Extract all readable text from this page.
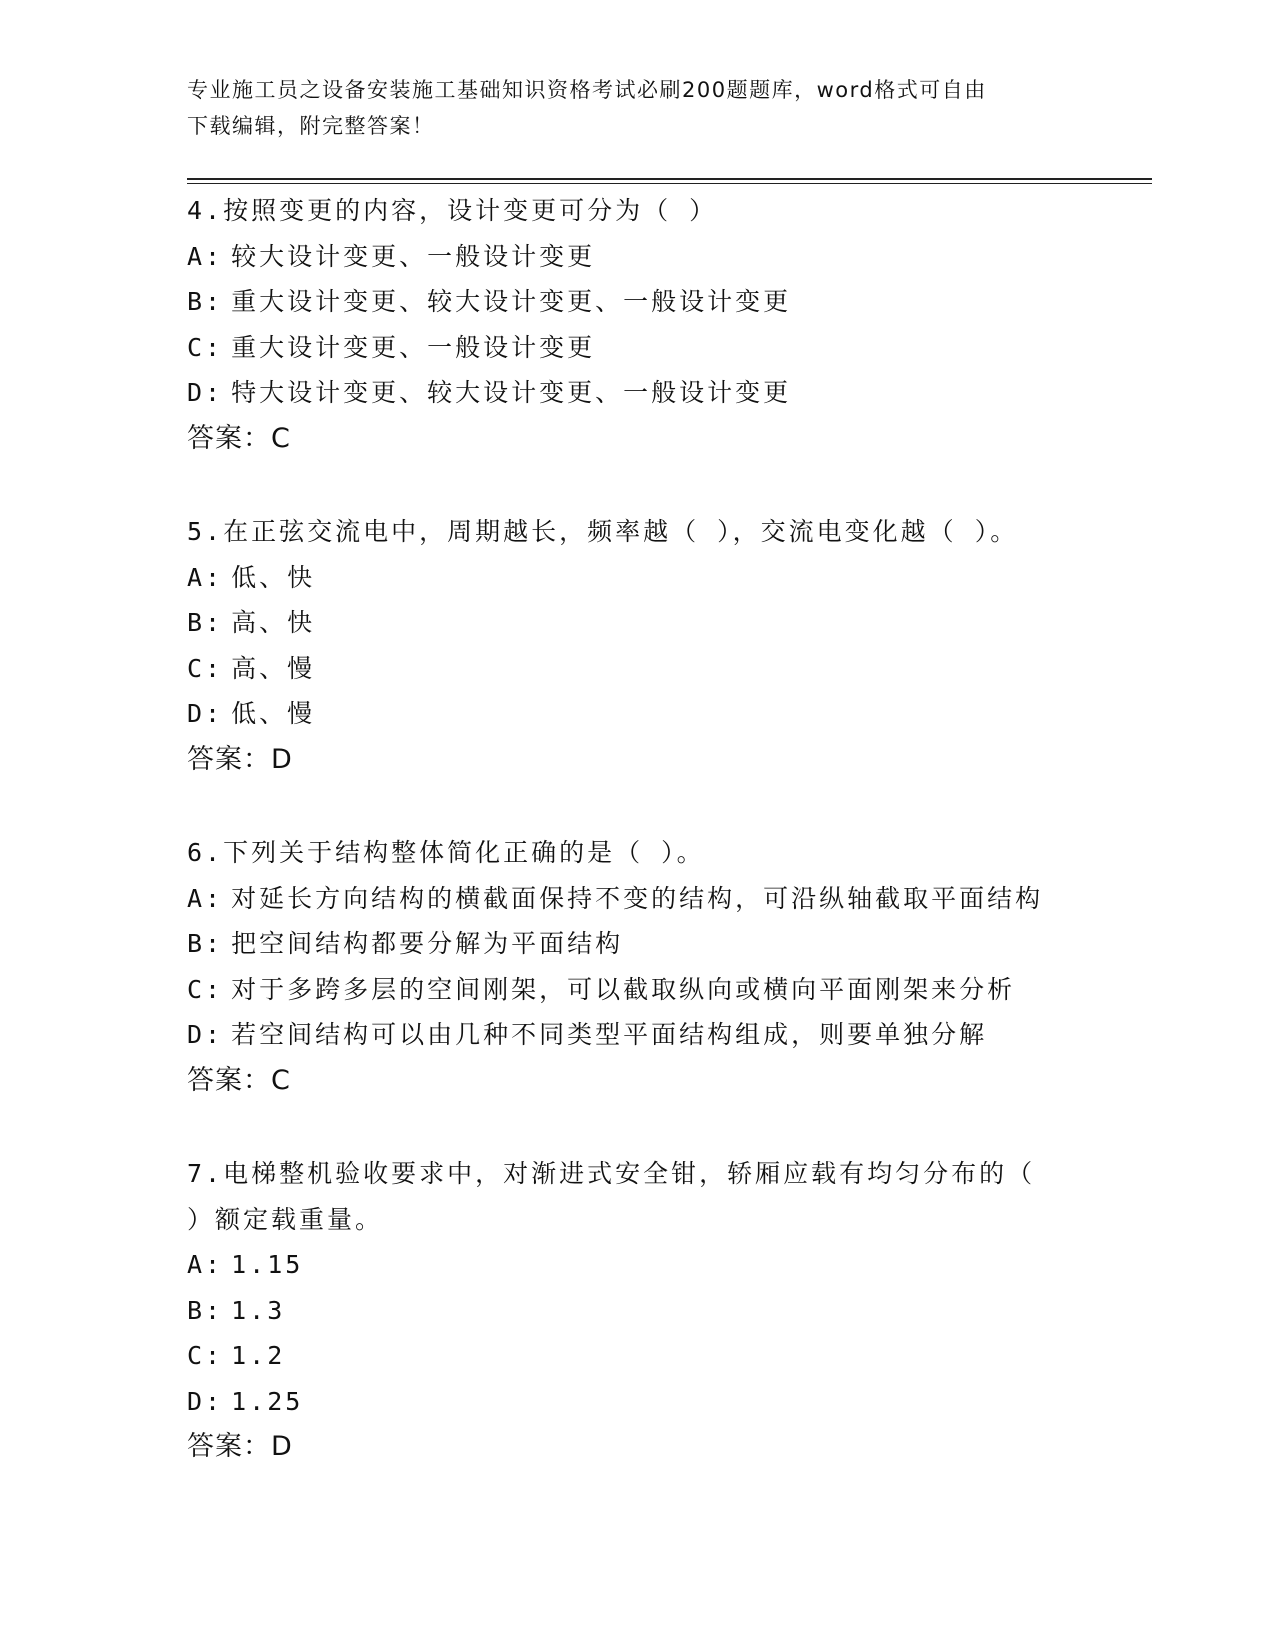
专业施工员之设备安装施工基础知识资格考试必刷200题题库，word格式可自由
下载编辑，附完整答案！
4.按照变更的内容，设计变更可分为（ ）
A: 较大设计变更、一般设计变更
B: 重大设计变更、较大设计变更、一般设计变更
C: 重大设计变更、一般设计变更
D: 特大设计变更、较大设计变更、一般设计变更
答案：C
5.在正弦交流电中，周期越长，频率越（ ），交流电变化越（ ）。
A: 低、快
B: 高、快
C: 高、慢
D: 低、慢
答案：D
6.下列关于结构整体简化正确的是（ ）。
A: 对延长方向结构的横截面保持不变的结构，可沿纵轴截取平面结构
B: 把空间结构都要分解为平面结构
C: 对于多跨多层的空间刚架，可以截取纵向或横向平面刚架来分析
D: 若空间结构可以由几种不同类型平面结构组成，则要单独分解
答案：C
7.电梯整机验收要求中，对渐进式安全钳，轿厢应载有均匀分布的（
）额定载重量。
A: 1.15
B: 1.3
C: 1.2
D: 1.25
答案：D
